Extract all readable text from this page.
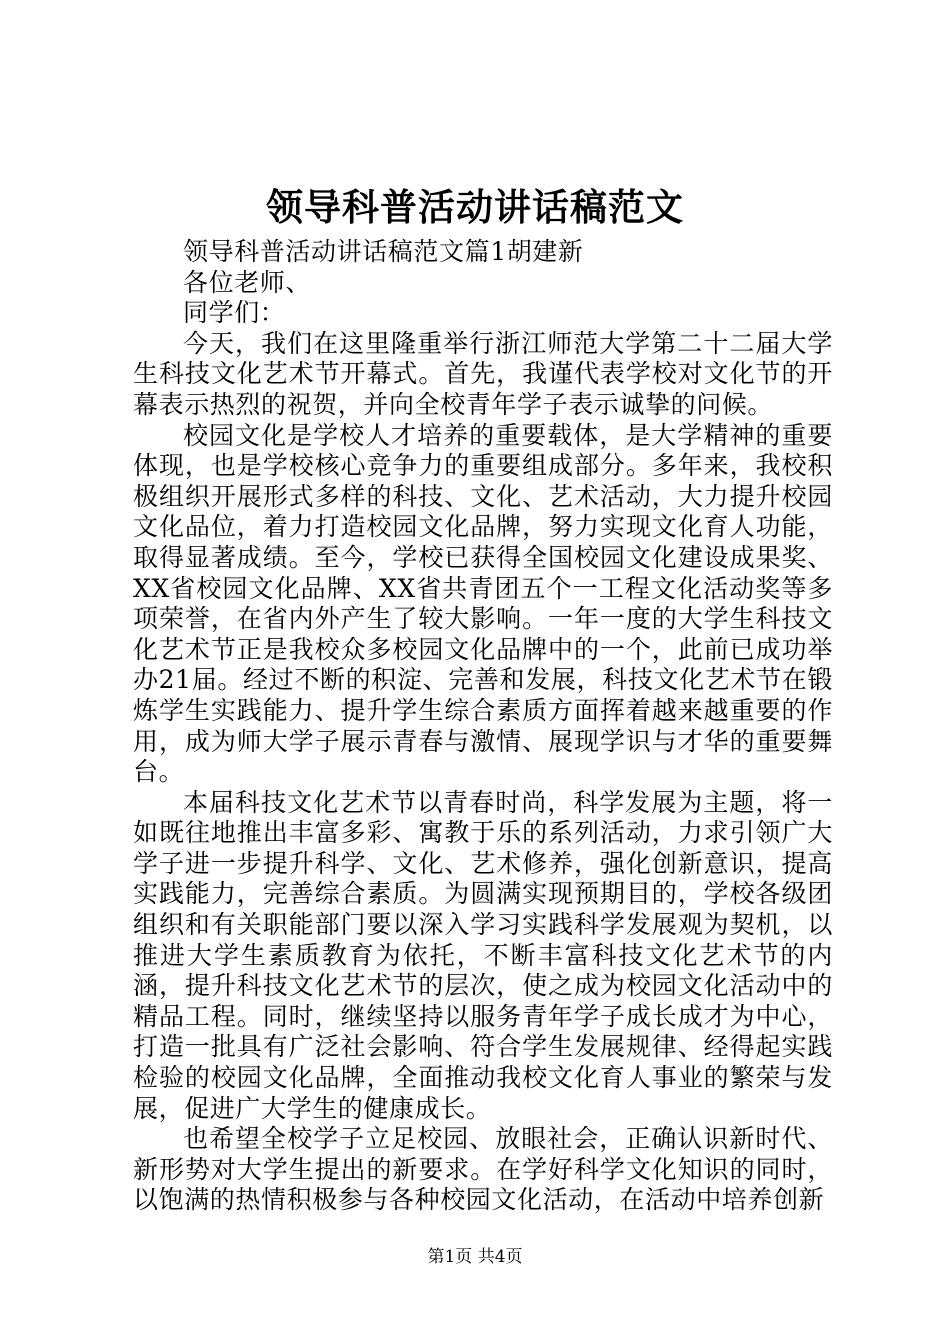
领导科普活动讲话稿范文

领导科普活动讲话稿范文篇1胡建新

各位老师、

同学们：

今天，我们在这里隆重举行浙江师范大学第二十二届大学生科技文化艺术节开幕式。首先，我谨代表学校对文化节的开幕表示热烈的祝贺，并向全校青年学子表示诚挚的问候。

校园文化是学校人才培养的重要载体，是大学精神的重要体现，也是学校核心竞争力的重要组成部分。多年来，我校积极组织开展形式多样的科技、文化、艺术活动，大力提升校园文化品位，着力打造校园文化品牌，努力实现文化育人功能，取得显著成绩。至今，学校已获得全国校园文化建设成果奖、XX省校园文化品牌、XX省共青团五个一工程文化活动奖等多项荣誉，在省内外产生了较大影响。一年一度的大学生科技文化艺术节正是我校众多校园文化品牌中的一个，此前已成功举办21届。经过不断的积淀、完善和发展，科技文化艺术节在锻炼学生实践能力、提升学生综合素质方面挥着越来越重要的作用，成为师大学子展示青春与激情、展现学识与才华的重要舞台。

本届科技文化艺术节以青春时尚，科学发展为主题，将一如既往地推出丰富多彩、寓教于乐的系列活动，力求引领广大学子进一步提升科学、文化、艺术修养，强化创新意识，提高实践能力，完善综合素质。为圆满实现预期目的，学校各级团组织和有关职能部门要以深入学习实践科学发展观为契机，以推进大学生素质教育为依托，不断丰富科技文化艺术节的内涵，提升科技文化艺术节的层次，使之成为校园文化活动中的精品工程。同时，继续坚持以服务青年学子成长成才为中心，打造一批具有广泛社会影响、符合学生发展规律、经得起实践检验的校园文化品牌，全面推动我校文化育人事业的繁荣与发展，促进广大学生的健康成长。

也希望全校学子立足校园、放眼社会，正确认识新时代、新形势对大学生提出的新要求。在学好科学文化知识的同时，以饱满的热情积极参与各种校园文化活动，在活动中培养创新

第1页 共4页
